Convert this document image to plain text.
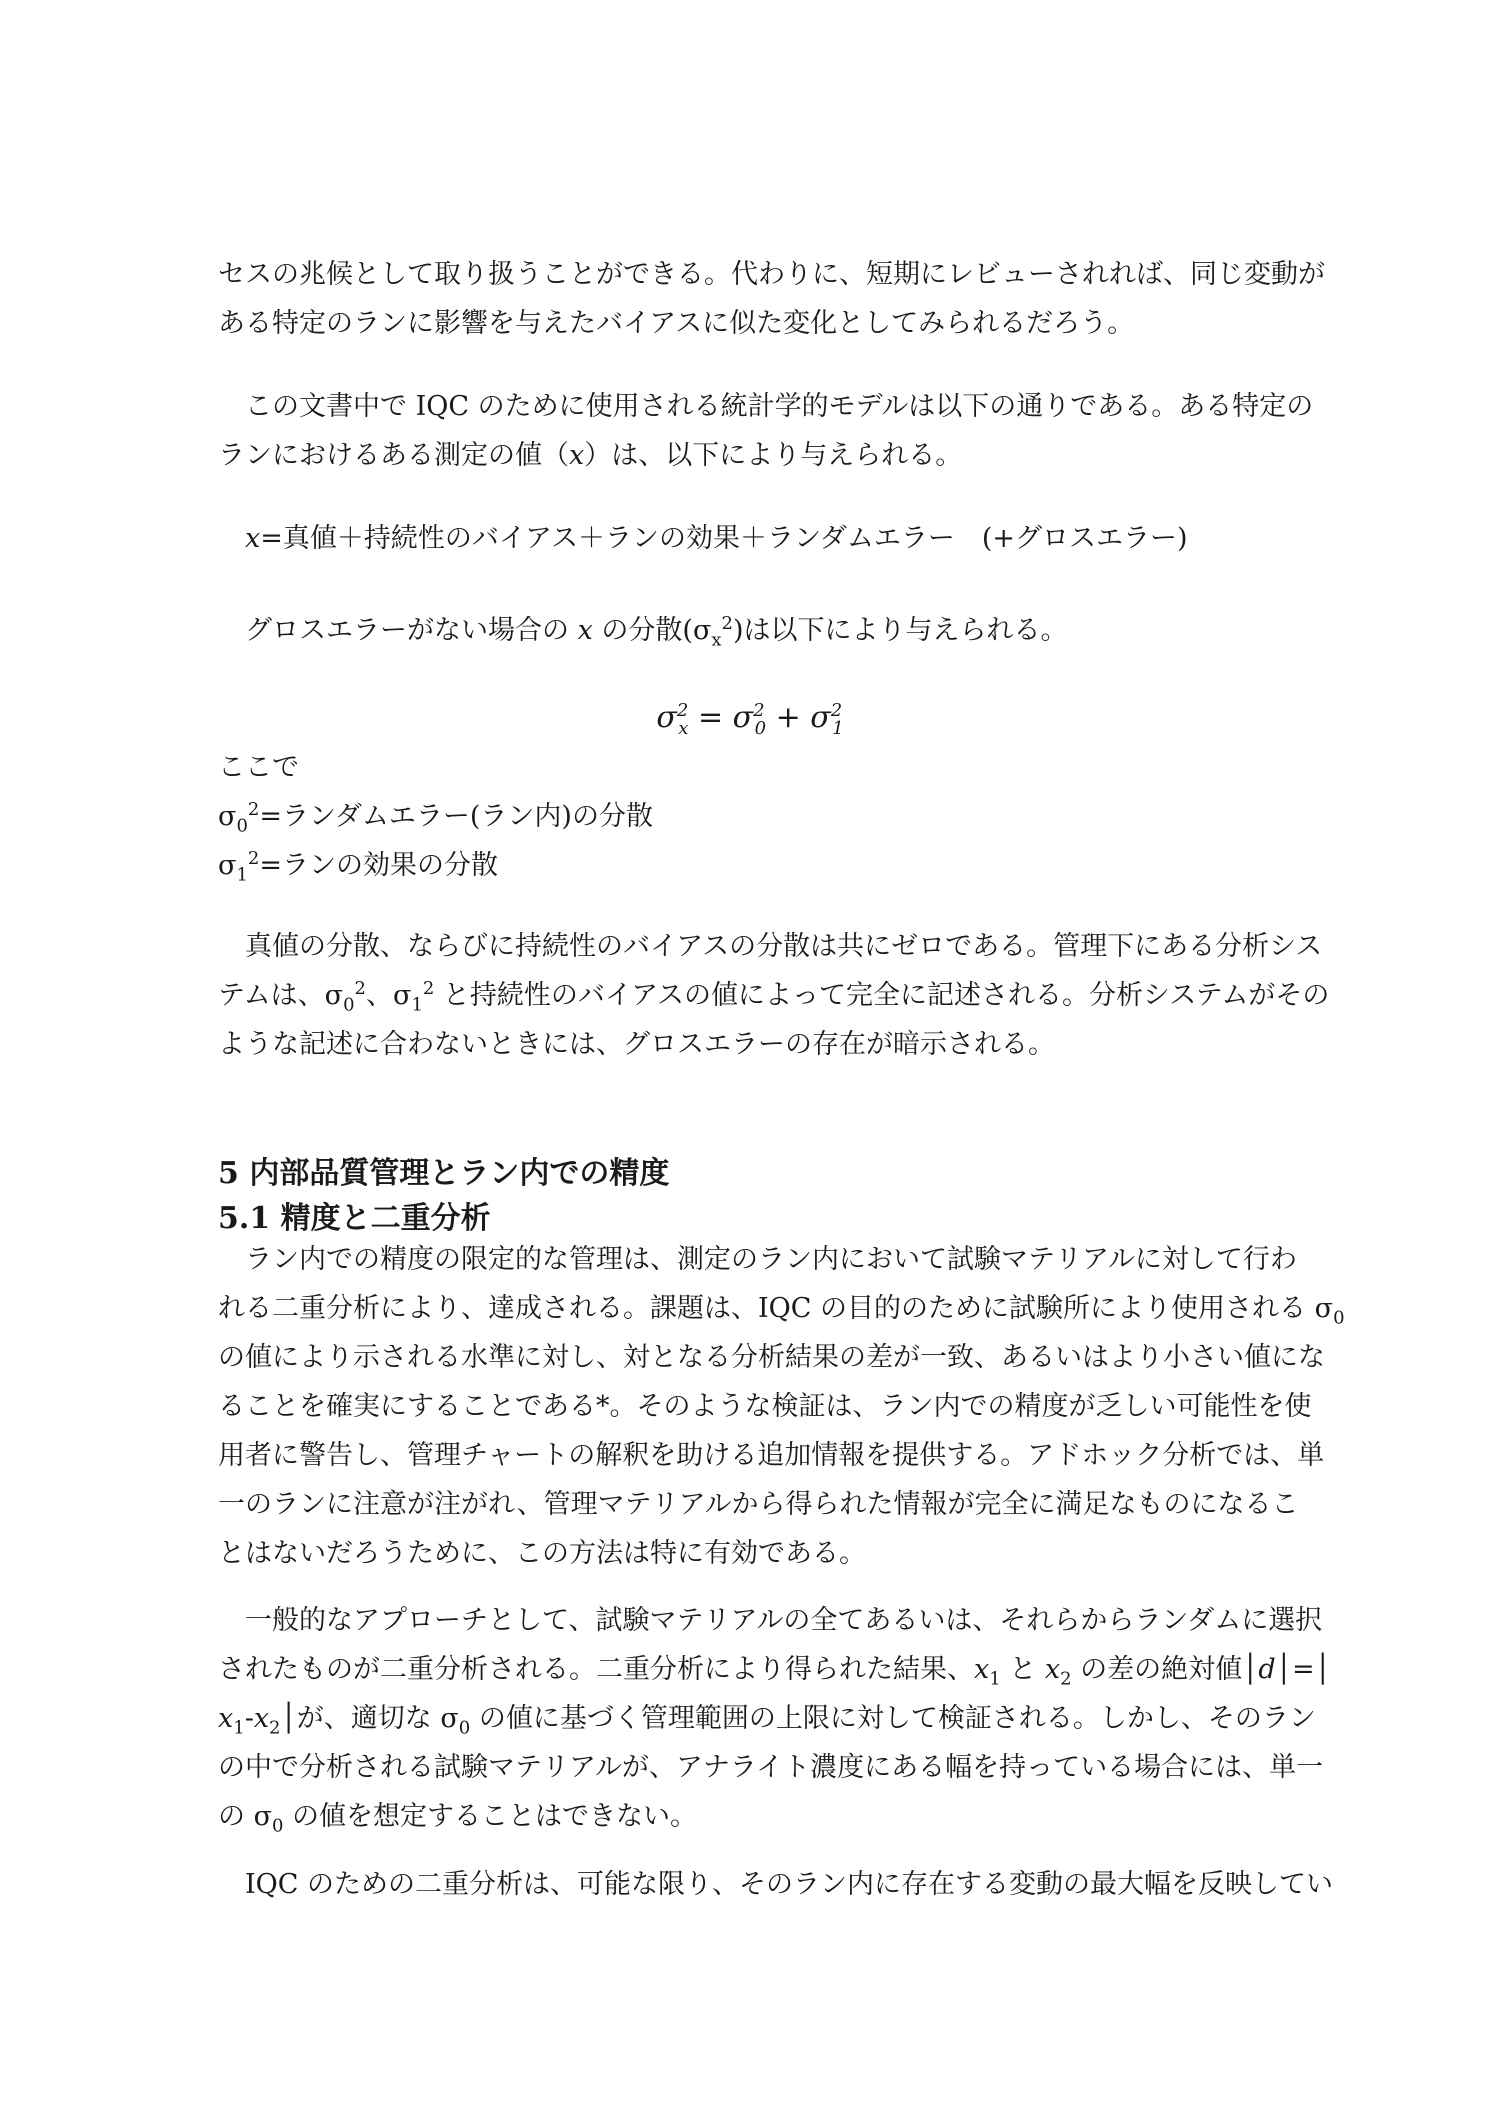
セスの兆候として取り扱うことができる。代わりに、短期にレビューされれば、同じ変動が
ある特定のランに影響を与えたバイアスに似た変化としてみられるだろう。
この文書中で IQC のために使用される統計学的モデルは以下の通りである。ある特定の
ランにおけるある測定の値（x）は、以下により与えられる。
x=真値＋持続性のバイアス＋ランの効果＋ランダムエラー　(+グロスエラー)
グロスエラーがない場合の x の分散$(\sigma_x^2)$は以下により与えられる。
$\sigma^2_x = \sigma^2_0 + \sigma^2_1$
ここで
$\sigma_0^2=$ランダムエラー(ラン内)の分散
$\sigma_1^2=$ランの効果の分散
真値の分散、ならびに持続性のバイアスの分散は共にゼロである。管理下にある分析シス
テムは、$\sigma_0^2$、$\sigma_1^2$ と持続性のバイアスの値によって完全に記述される。分析システムがその
ような記述に合わないときには、グロスエラーの存在が暗示される。
5 内部品質管理とラン内での精度
5.1 精度と二重分析
ラン内での精度の限定的な管理は、測定のラン内において試験マテリアルに対して行わ
れる二重分析により、達成される。課題は、IQC の目的のために試験所により使用される $\sigma_0$
の値により示される水準に対し、対となる分析結果の差が一致、あるいはより小さい値にな
ることを確実にすることである*。そのような検証は、ラン内での精度が乏しい可能性を使
用者に警告し、管理チャートの解釈を助ける追加情報を提供する。アドホック分析では、単
一のランに注意が注がれ、管理マテリアルから得られた情報が完全に満足なものになるこ
とはないだろうために、この方法は特に有効である。
一般的なアプローチとして、試験マテリアルの全てあるいは、それらからランダムに選択
されたものが二重分析される。二重分析により得られた結果、$x_1$ と $x_2$ の差の絶対値│d│=│
$x_1-x_2│$が、適切な $\sigma_0$ の値に基づく管理範囲の上限に対して検証される。しかし、そのラン
の中で分析される試験マテリアルが、アナライト濃度にある幅を持っている場合には、単一
の $\sigma_0$ の値を想定することはできない。
IQC のための二重分析は、可能な限り、そのラン内に存在する変動の最大幅を反映してい
